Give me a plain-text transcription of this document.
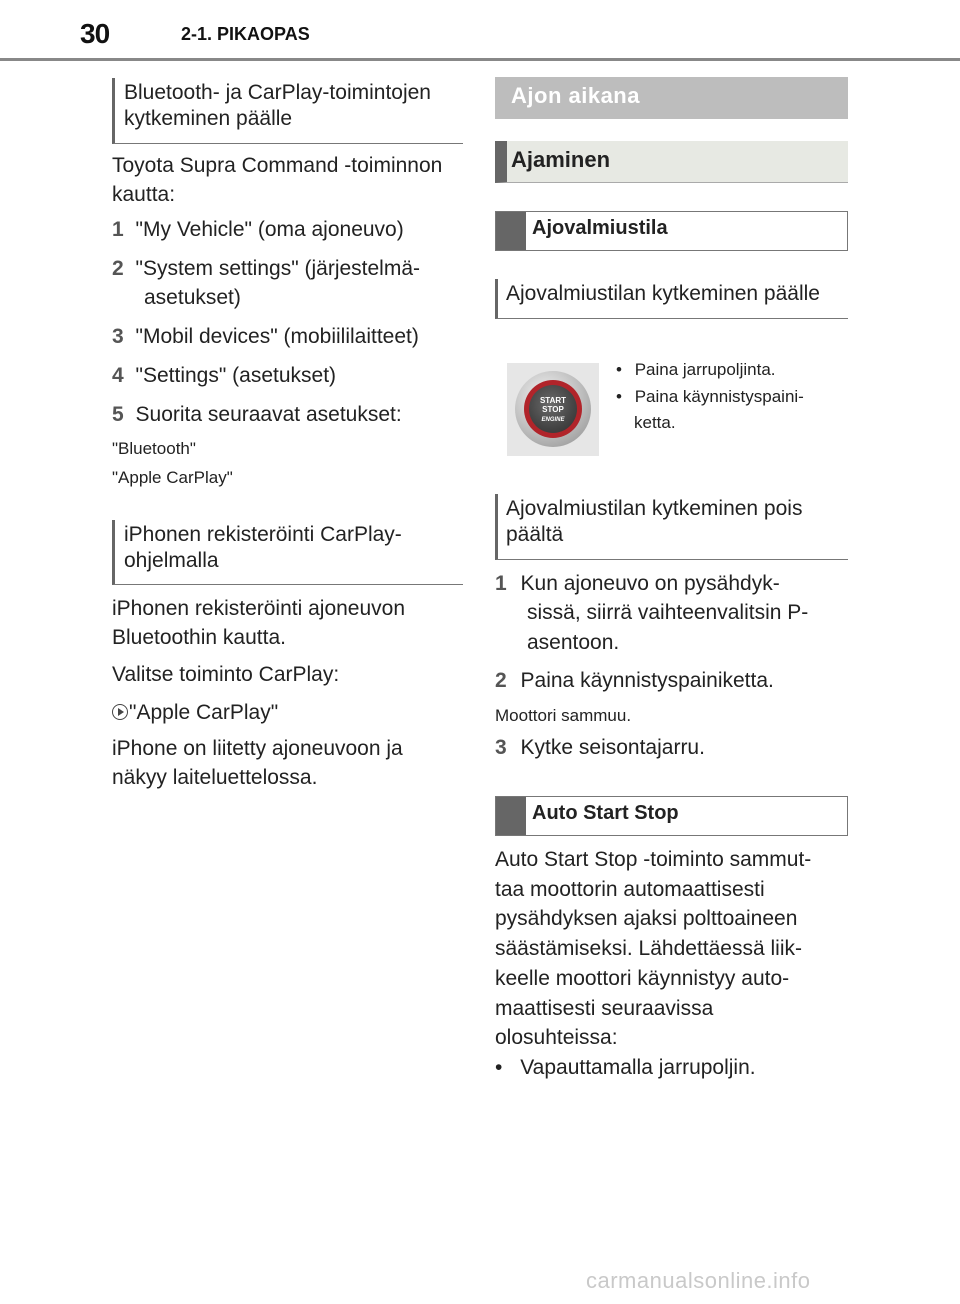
30	2-1. PIKAOPAS
Bluetooth- ja CarPlay-toimintojen kytkeminen päälle
Toyota Supra Command -toiminnon kautta:
1 "My Vehicle" (oma ajoneuvo)
2 "System settings" (järjestelmä-
asetukset)
3 "Mobil devices" (mobiililaitteet)
4 "Settings" (asetukset)
5 Suorita seuraavat asetukset:
"Bluetooth"
"Apple CarPlay"
iPhonen rekisteröinti CarPlay-ohjelmalla
iPhonen rekisteröinti ajoneuvon Bluetoothin kautta.
Valitse toiminto CarPlay:
"Apple CarPlay"
iPhone on liitetty ajoneuvoon ja näkyy laiteluettelossa.
Ajon aikana
Ajaminen
Ajovalmiustila
Ajovalmiustilan kytkeminen päälle
START
STOP
ENGINE
• Paina jarrupoljinta.
• Paina käynnistyspaini-
ketta.
Ajovalmiustilan kytkeminen pois päältä
1 Kun ajoneuvo on pysähdyk-
sissä, siirrä vaihteenvalitsin P-
asentoon.
2 Paina käynnistyspainiketta.
Moottori sammuu.
3 Kytke seisontajarru.
Auto Start Stop
Auto Start Stop -toiminto sammut-
taa moottorin automaattisesti
pysähdyksen ajaksi polttoaineen
säästämiseksi. Lähdettäessä liik-
keelle moottori käynnistyy auto-
maattisesti seuraavissa
olosuhteissa:
• Vapauttamalla jarrupoljin.
carmanualsonline.info
